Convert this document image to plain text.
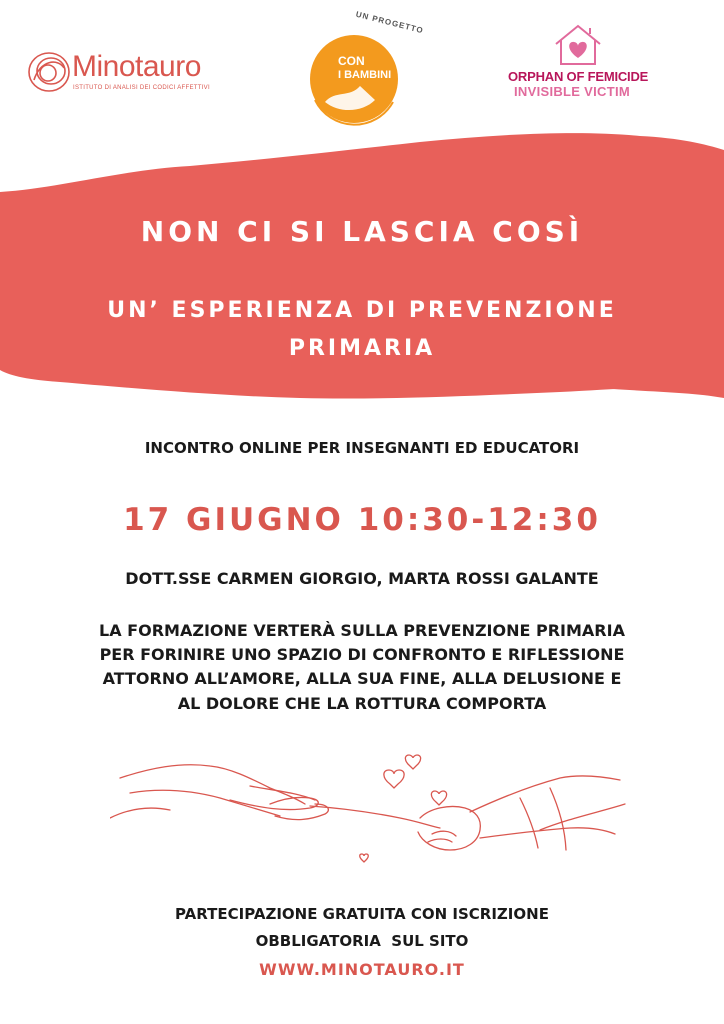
Minotauro
ISTITUTO DI ANALISI DEI CODICI AFFETTIVI
UN PROGETTO
CON
I BAMBINI	ORPHAN OF FEMICIDE
INVISIBLE VICTIM
NON CI SI LASCIA COSÌ
UN’ ESPERIENZA DI PREVENZIONE
PRIMARIA
INCONTRO ONLINE PER INSEGNANTI ED EDUCATORI
17 GIUGNO 10:30-12:30
DOTT.SSE CARMEN GIORGIO, MARTA ROSSI GALANTE
LA FORMAZIONE VERTERÀ SULLA PREVENZIONE PRIMARIA
PER FORINIRE UNO SPAZIO DI CONFRONTO E RIFLESSIONE
ATTORNO ALL’AMORE, ALLA SUA FINE, ALLA DELUSIONE E
AL DOLORE CHE LA ROTTURA COMPORTA
PARTECIPAZIONE GRATUITA CON ISCRIZIONE
OBBLIGATORIA  SUL SITO
WWW.MINOTAURO.IT
